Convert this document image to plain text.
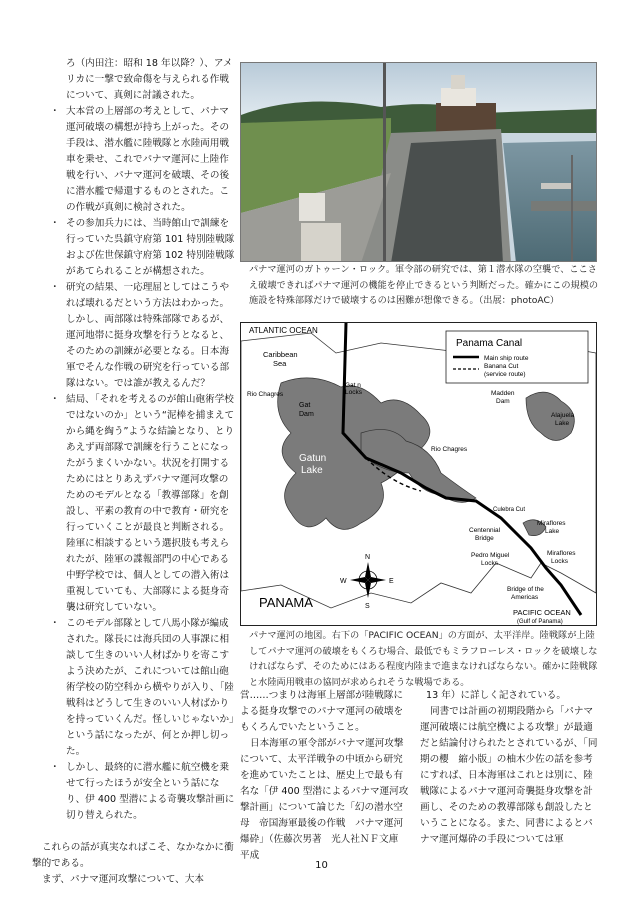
ろ（内田注：昭和 18 年以降？）、アメリカに一撃で致命傷を与えられる作戦について、真剣に討議された。

・ 大本営の上層部の考えとして、パナマ運河破壊の構想が持ち上がった。その手段は、潜水艦に陸戦隊と水陸両用戦車を乗せ、これでパナマ運河に上陸作戦を行い、パナマ運河を破壊、その後に潜水艦で帰還するものとされた。この作戦が真剣に検討された。

・ その参加兵力には、当時館山で訓練を行っていた呉鎮守府第 101 特別陸戦隊および佐世保鎮守府第 102 特別陸戦隊があてられることが構想された。

・ 研究の結果、一応理屈としてはこうやれば壊れるだという方法はわかった。しかし、両部隊は特殊部隊であるが、運河地帯に挺身攻撃を行うとなると、そのための訓練が必要となる。日本海軍でそんな作戦の研究を行っている部隊はない。では誰が教えるんだ？

・ 結局、「それを考えるのが館山砲術学校ではないのか」という“泥棒を捕まえてから縄を綯う”ような結論となり、とりあえず両部隊で訓練を行うことになったがうまくいかない。状況を打開するためにはとりあえずパナマ運河攻撃のためのモデルとなる「教導部隊」を創設し、平素の教育の中で教育・研究を行っていくことが最良と判断される。陸軍に相談するという選択肢も考えられたが、陸軍の諜報部門の中心である中野学校では、個人としての潜入術は重視していても、大部隊による挺身奇襲は研究していない。

・ このモデル部隊として八馬小隊が編成された。隊長には海兵団の人事課に相談して生きのいい人材ばかりを寄こすよう決めたが、これについては館山砲術学校の防空科から横やりが入り、「陸戦科はどうして生きのいい人材ばかりを持っていくんだ。怪しいじゃないか」という話になったが、何とか押し切った。

・ しかし、最終的に潜水艦に航空機を乗せて行ったほうが安全という話になり、伊 400 型潜による奇襲攻撃計画に切り替えられた。

これらの話が真実なればこそ、なかなかに衝撃的である。

まず、パナマ運河攻撃について、大本

パナマ運河のガトゥーン・ロック。軍令部の研究では、第１潜水隊の空襲で、ここさえ破壊できればパナマ運河の機能を停止できるという判断だった。確かにこの規模の施設を特殊部隊だけで破壊するのは困難が想像できる。（出展：photoAC）
Panama Canal
Main ship route
Banana Cut
(service route)
ATLANTIC OCEAN
Caribbean
Sea
Gat n
Locks
Rio Chagres
Gat
Dam
Madden
Dam
Alajuela
Lake
Gatun
Lake
Rio Chagres
Culebra Cut
Centennial
Bridge
Miraflores
Lake
Pedro Miguel
Locks
Miraflores
Locks
Bridge of the
Americas
PANAMA
PACIFIC OCEAN
(Gulf of Panama)
N
S
E
W
パナマ運河の地図。右下の「PACIFIC OCEAN」の方面が、太平洋岸。陸戦隊が上陸してパナマ運河の破壊をもくろむ場合、最低でもミラフローレス・ロックを破壊しなければならず、そのためにはある程度内陸まで進まなければならない。確かに陸戦隊と水陸両用戦車の協同が求められそうな戦場である。

営……つまりは海軍上層部が陸戦隊による挺身攻撃でのパナマ運河の破壊をもくろんでいたということ。

日本海軍の軍令部がパナマ運河攻撃について、太平洋戦争の中頃から研究を進めていたことは、歴史上で最も有名な「伊 400 型潜によるパナマ運河攻撃計画」について論じた「幻の潜水空母　帝国海軍最後の作戦　パナマ運河爆砕」（佐藤次男著　光人社ＮＦ文庫　平成

13 年）に詳しく記されている。

同書では計画の初期段階から「パナマ運河破壊には航空機による攻撃」が最適だと結論付けられたとされているが、「同期の櫻　縮小版」の柚木少佐の話を参考にすれば、日本海軍はこれとは別に、陸戦隊によるパナマ運河奇襲挺身攻撃を計画し、そのための教導部隊も創設したということになる。また、同書によるとパナマ運河爆砕の手段については軍

10
